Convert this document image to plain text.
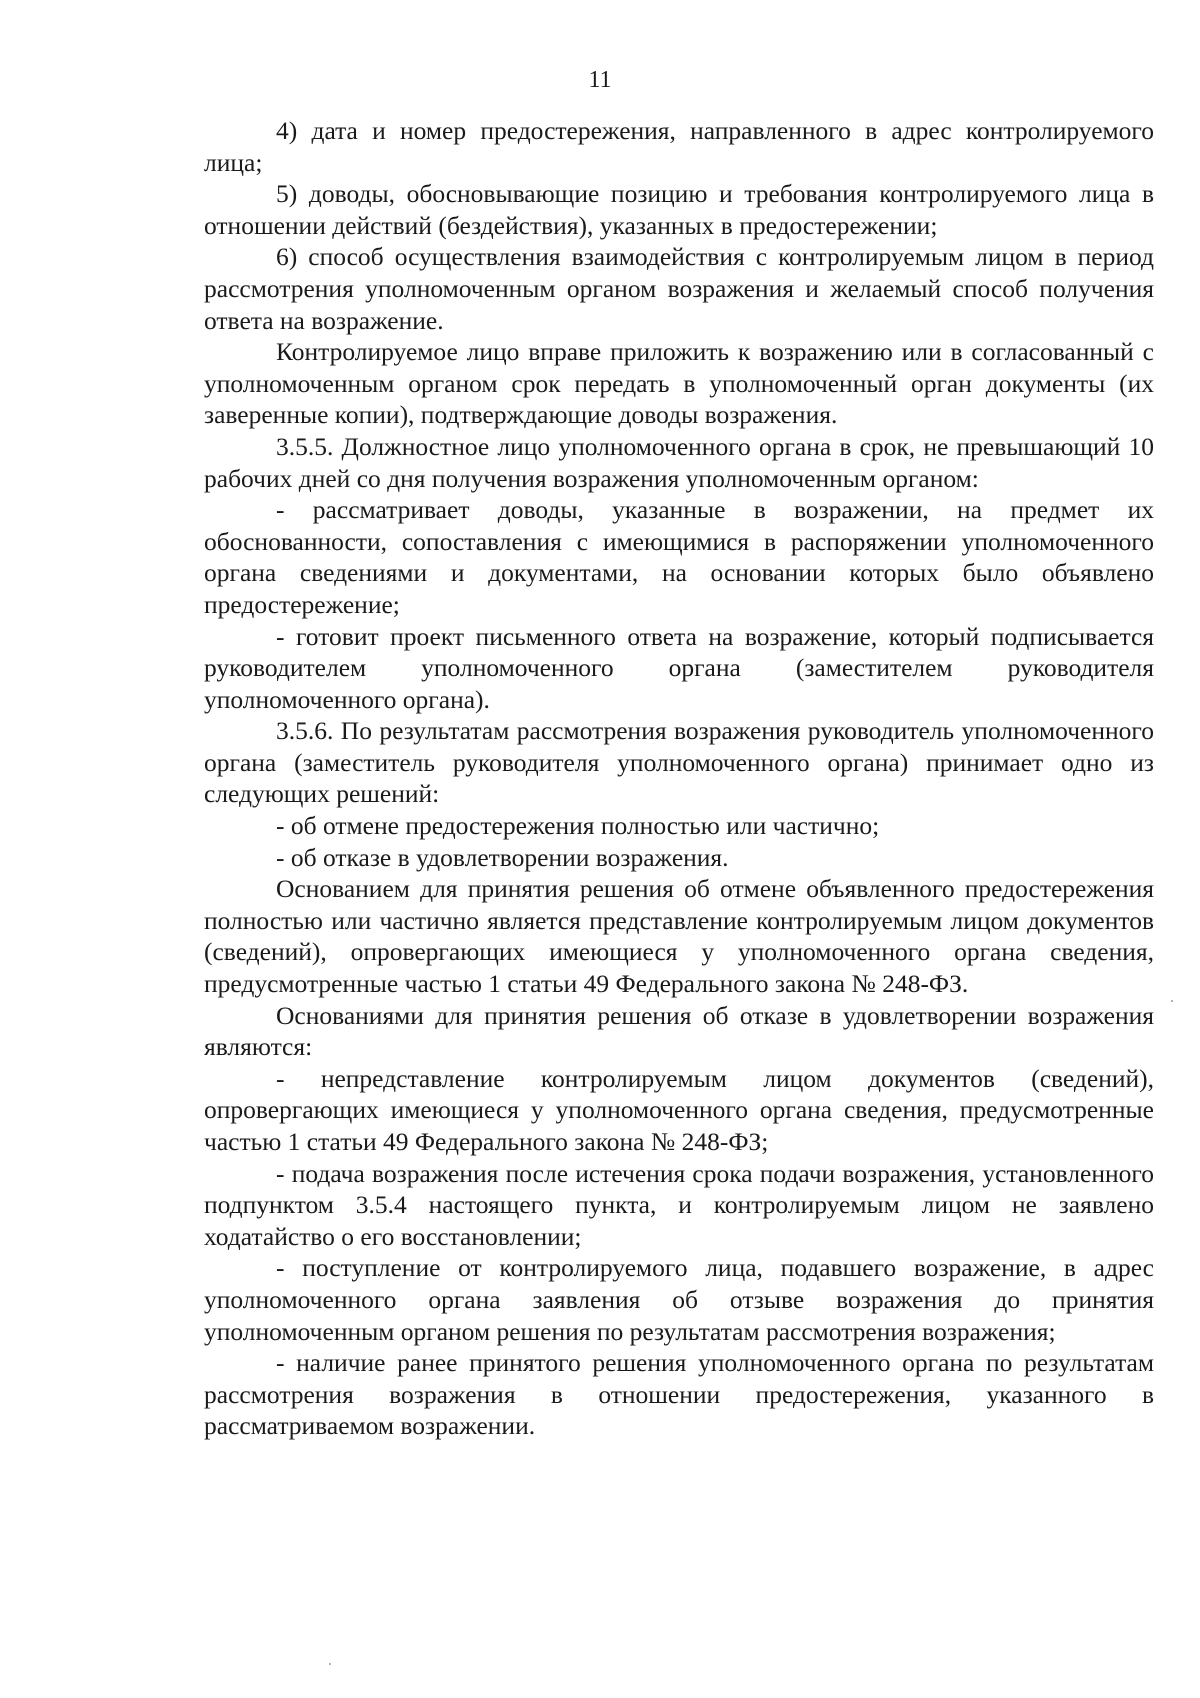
11

4) дата и номер предостережения, направленного в адрес контролируемого лица;

5) доводы, обосновывающие позицию и требования контролируемого лица в отношении действий (бездействия), указанных в предостережении;

6) способ осуществления взаимодействия с контролируемым лицом в период рассмотрения уполномоченным органом возражения и желаемый способ получения ответа на возражение.

Контролируемое лицо вправе приложить к возражению или в согласованный с уполномоченным органом срок передать в уполномоченный орган документы (их заверенные копии), подтверждающие доводы возражения.

3.5.5. Должностное лицо уполномоченного органа в срок, не превышающий 10 рабочих дней со дня получения возражения уполномоченным органом:

- рассматривает доводы, указанные в возражении, на предмет их обоснованности, сопоставления с имеющимися в распоряжении уполномоченного органа сведениями и документами, на основании которых было объявлено предостережение;

- готовит проект письменного ответа на возражение, который подписывается руководителем уполномоченного органа (заместителем руководителя уполномоченного органа).

3.5.6. По результатам рассмотрения возражения руководитель уполномоченного органа (заместитель руководителя уполномоченного органа) принимает одно из следующих решений:

- об отмене предостережения полностью или частично;

- об отказе в удовлетворении возражения.

Основанием для принятия решения об отмене объявленного предостережения полностью или частично является представление контролируемым лицом документов (сведений), опровергающих имеющиеся у уполномоченного органа сведения, предусмотренные частью 1 статьи 49 Федерального закона № 248-ФЗ.

Основаниями для принятия решения об отказе в удовлетворении возражения являются:

- непредставление контролируемым лицом документов (сведений), опровергающих имеющиеся у уполномоченного органа сведения, предусмотренные частью 1 статьи 49 Федерального закона № 248-ФЗ;

- подача возражения после истечения срока подачи возражения, установленного подпунктом 3.5.4 настоящего пункта, и контролируемым лицом не заявлено ходатайство о его восстановлении;

- поступление от контролируемого лица, подавшего возражение, в адрес уполномоченного органа заявления об отзыве возражения до принятия уполномоченным органом решения по результатам рассмотрения возражения;

- наличие ранее принятого решения уполномоченного органа по результатам рассмотрения возражения в отношении предостережения, указанного в рассматриваемом возражении.
